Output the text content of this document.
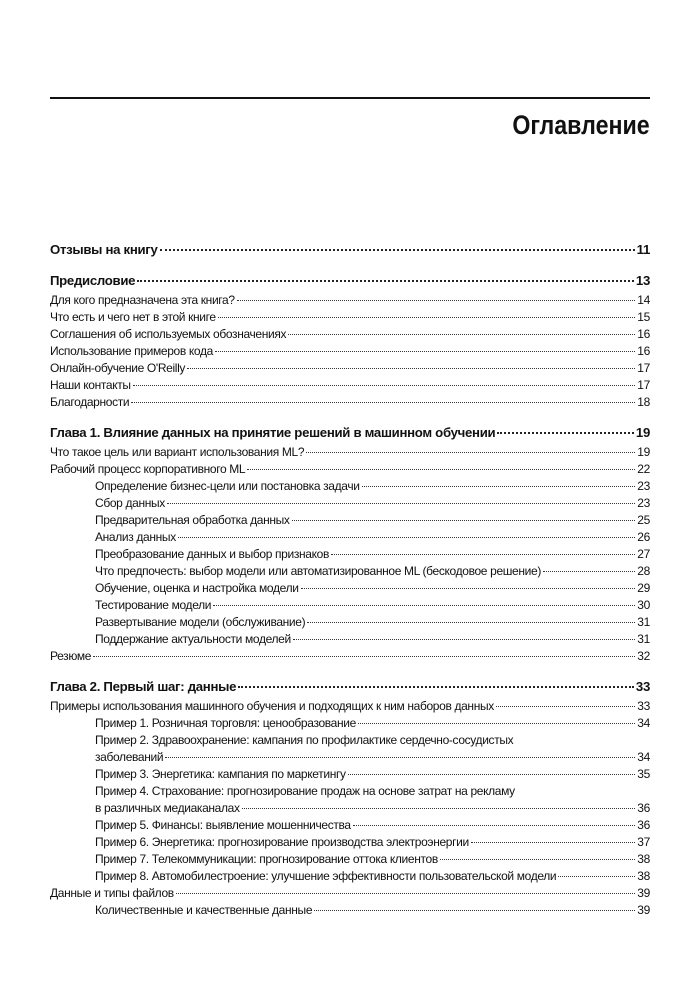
Оглавление
Отзывы на книгу	11
Предисловие	13
Для кого предназначена эта книга?	14
Что есть и чего нет в этой книге	15
Соглашения об используемых обозначениях	16
Использование примеров кода	16
Онлайн-обучение O'Reilly	17
Наши контакты	17
Благодарности	18
Глава 1. Влияние данных на принятие решений в машинном обучении	19
Что такое цель или вариант использования ML?	19
Рабочий процесс корпоративного ML	22
Определение бизнес-цели или постановка задачи	23
Сбор данных	23
Предварительная обработка данных	25
Анализ данных	26
Преобразование данных и выбор признаков	27
Что предпочесть: выбор модели или автоматизированное ML (бескодовое решение)	28
Обучение, оценка и настройка модели	29
Тестирование модели	30
Развертывание модели (обслуживание)	31
Поддержание актуальности моделей	31
Резюме	32
Глава 2. Первый шаг: данные	33
Примеры использования машинного обучения и подходящих к ним наборов данных	33
Пример 1. Розничная торговля: ценообразование	34
Пример 2. Здравоохранение: кампания по профилактике сердечно-сосудистых
заболеваний	34
Пример 3. Энергетика: кампания по маркетингу	35
Пример 4. Страхование: прогнозирование продаж на основе затрат на рекламу
в различных медиаканалах	36
Пример 5. Финансы: выявление мошенничества	36
Пример 6. Энергетика: прогнозирование производства электроэнергии	37
Пример 7. Телекоммуникации: прогнозирование оттока клиентов	38
Пример 8. Автомобилестроение: улучшение эффективности пользовательской модели	38
Данные и типы файлов	39
Количественные и качественные данные	39
